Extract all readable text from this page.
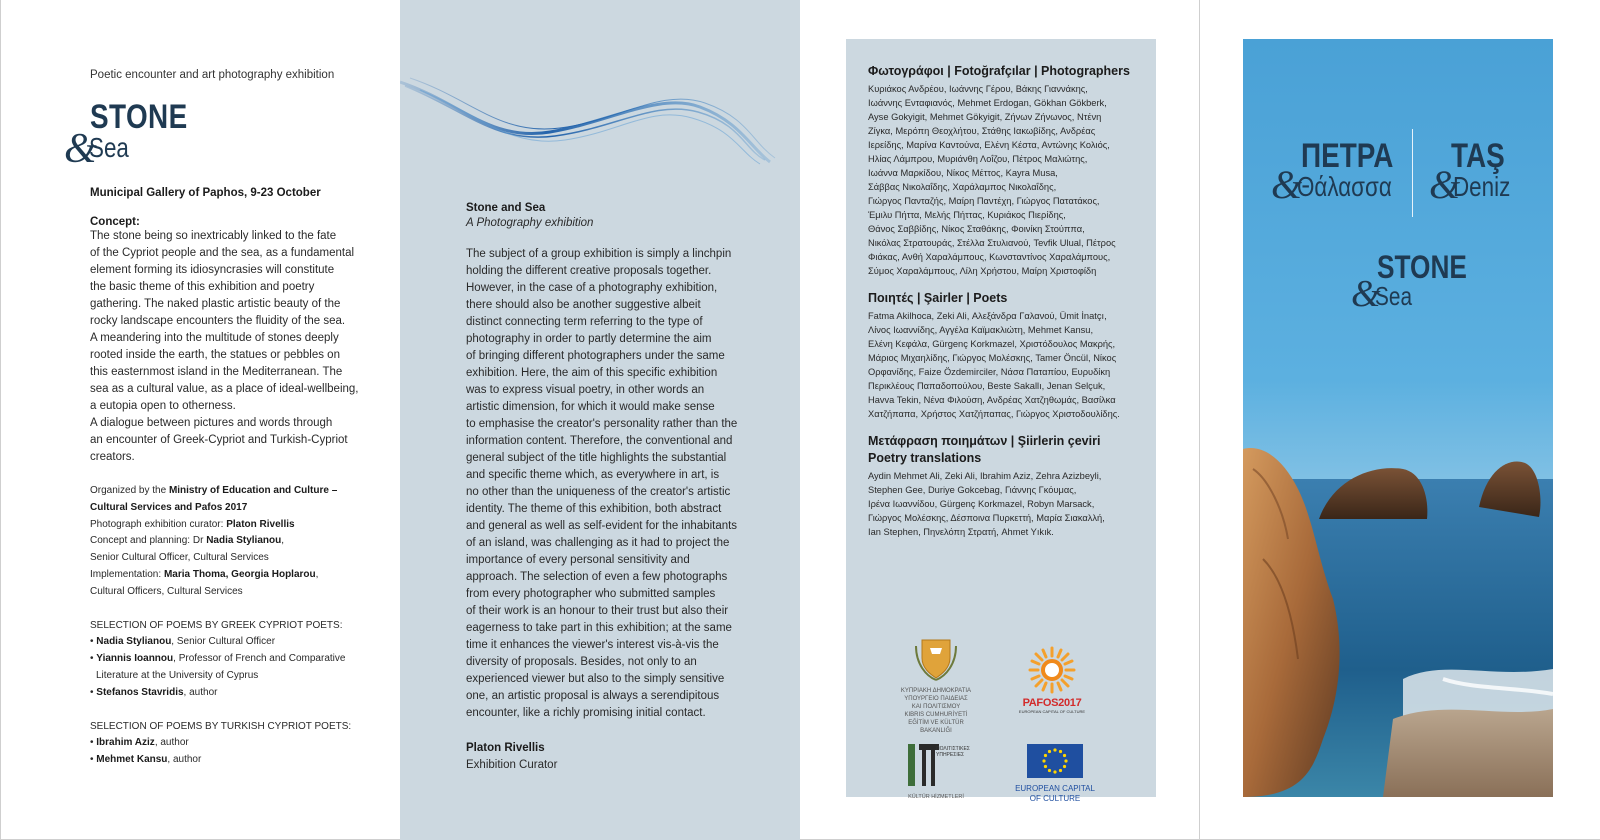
Poetic encounter and art photography exhibition
STONE
&
Sea
Municipal Gallery of Paphos, 9-23 October
Concept:
The stone being so inextricably linked to the fate
of the Cypriot people and the sea, as a fundamental
element forming its idiosyncrasies will constitute
the basic theme of this exhibition and poetry
gathering. The naked plastic artistic beauty of the
rocky landscape encounters the fluidity of the sea.
A meandering into the multitude of stones deeply
rooted inside the earth, the statues or pebbles on
this easternmost island in the Mediterranean. The
sea as a cultural value, as a place of ideal-wellbeing,
a eutopia open to otherness.
A dialogue between pictures and words through
an encounter of Greek-Cypriot and Turkish-Cypriot
creators.
Organized by the Ministry of Education and Culture –
Cultural Services and Pafos 2017
Photograph exhibition curator: Platon Rivellis
Concept and planning: Dr Nadia Stylianou,
Senior Cultural Officer, Cultural Services
Implementation: Maria Thoma, Georgia Hoplarou,
Cultural Officers, Cultural Services
SELECTION OF POEMS BY GREEK CYPRIOT POETS:
• Nadia Stylianou, Senior Cultural Officer
• Yiannis Ioannou, Professor of French and Comparative
Literature at the University of Cyprus
• Stefanos Stavridis, author
SELECTION OF POEMS BY TURKISH CYPRIOT POETS:
• Ibrahim Aziz, author
• Mehmet Kansu, author
Stone and Sea
A Photography exhibition
The subject of a group exhibition is simply a linchpin
holding the different creative proposals together.
However, in the case of a photography exhibition,
there should also be another suggestive albeit
distinct connecting term referring to the type of
photography in order to partly determine the aim
of bringing different photographers under the same
exhibition. Here, the aim of this specific exhibition
was to express visual poetry, in other words an
artistic dimension, for which it would make sense
to emphasise the creator's personality rather than the
information content. Therefore, the conventional and
general subject of the title highlights the substantial
and specific theme which, as everywhere in art, is
no other than the uniqueness of the creator's artistic
identity. The theme of this exhibition, both abstract
and general as well as self-evident for the inhabitants
of an island, was challenging as it had to project the
importance of every personal sensitivity and
approach. The selection of even a few photographs
from every photographer who submitted samples
of their work is an honour to their trust but also their
eagerness to take part in this exhibition; at the same
time it enhances the viewer's interest vis-à-vis the
diversity of proposals. Besides, not only to an
experienced viewer but also to the simply sensitive
one, an artistic proposal is always a serendipitous
encounter, like a richly promising initial contact.
Platon Rivellis
Exhibition Curator
Φωτογράφοι | Fotoğrafçılar | Photographers
Κυριάκος Ανδρέου, Ιωάννης Γέρου, Βάκης Γιαννάκης,
Ιωάννης Ενταφιανός, Mehmet Erdogan, Gökhan Gökberk,
Ayse Gokyigit, Mehmet Gökyigit, Ζήνων Ζήνωνος, Ντένη
Ζίγκα, Μερόπη Θεοχλήτου, Στάθης Ιακωβίδης, Ανδρέας
Ιερείδης, Μαρίνα Καντούνα, Ελένη Κέστα, Αντώνης Κολιός,
Ηλίας Λάμπρου, Μυριάνθη Λοΐζου, Πέτρος Μαλιώτης,
Ιωάννα Μαρκίδου, Νίκος Μέττος, Kayra Musa,
Σάββας Νικολαΐδης, Χαράλαμπος Νικολαΐδης,
Γιώργος Πανταζής, Μαίρη Παντέχη, Γιώργος Πατατάκος,
Έμιλυ Πήττα, Μελής Πήττας, Κυριάκος Πιερίδης,
Θάνος Σαββίδης, Νίκος Σταθάκης, Φοινίκη Στούππα,
Νικόλας Στρατουράς, Στέλλα Στυλιανού, Tevfik Ulual, Πέτρος
Φιάκας, Ανθή Χαραλάμπους, Κωνσταντίνος Χαραλάμπους,
Σύμος Χαραλάμπους, Λίλη Χρήστου, Μαίρη Χριστοφίδη
Ποιητές | Şairler | Poets
Fatma Akilhoca, Zeki Ali, Αλεξάνδρα Γαλανού, Ümit İnatçı,
Λίνος Ιωαννίδης, Αγγέλα Καϊμακλιώτη, Mehmet Kansu,
Ελένη Κεφάλα, Gürgenç Korkmazel, Χριστόδουλος Μακρής,
Μάριος Μιχαηλίδης, Γιώργος Μολέσκης, Tamer Öncül, Νίκος
Ορφανίδης, Faize Özdemirciler, Νάσα Παταπίου, Ευρυδίκη
Περικλέους Παπαδοπούλου, Beste Sakallı, Jenan Selçuk,
Havva Tekin, Νένα Φιλούση, Ανδρέας Χατζηθωμάς, Βασίλκα
Χατζήπαπα, Χρήστος Χατζήπαπας, Γιώργος Χριστοδουλίδης.
Μετάφραση ποιημάτων | Şiirlerin çeviri
Poetry translations
Aydin Mehmet Ali, Zeki Ali, Ibrahim Aziz, Zehra Azizbeyli,
Stephen Gee, Duriye Gokcebag, Γιάννης Γκόυμας,
Ιρένα Ιωαννίδου, Gürgenç Korkmazel, Robyn Marsack,
Γιώργος Μολέσκης, Δέσποινα Πυρκεττή, Μαρία Σιακαλλή,
Ian Stephen, Πηνελόπη Στρατή, Ahmet Yıkık.
ΚΥΠΡΙΑΚΗ ΔΗΜΟΚΡΑΤΙΑ
ΥΠΟΥΡΓΕΙΟ ΠΑΙΔΕΙΑΣ
ΚΑΙ ΠΟΛΙΤΙΣΜΟΥ
KIBRIS CUMHURİYETİ
EĞİTİM VE KÜLTÜR
BAKANLIĞI
PAFOS2017
EUROPEAN CAPITAL OF CULTURE
ΠΟΛΙΤΙΣΤΙΚΕΣ ΥΠΗΡΕΣΙΕΣ
KÜLTÜR HİZMETLERİ
EUROPEAN CAPITAL
OF CULTURE
ΠΕΤΡΑ
&
Θάλασσα
TAŞ
&
Deniz
STONE
&
Sea
